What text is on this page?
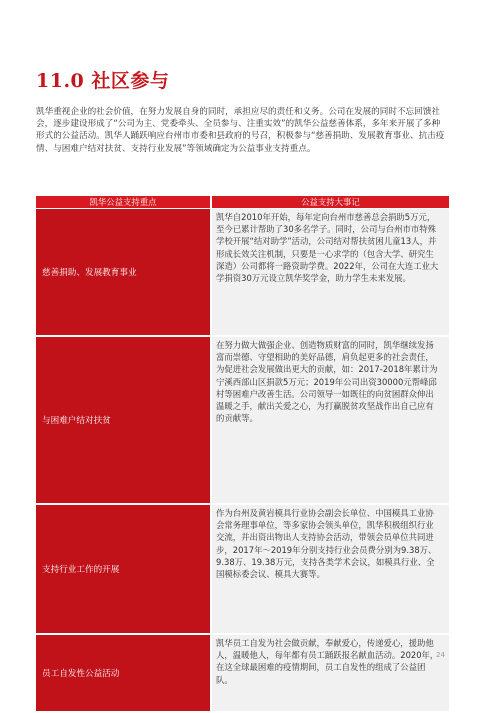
11.0 社区参与

凯华重视企业的社会价值，在努力发展自身的同时，承担应尽的责任和义务。公司在发展的同时不忘回馈社会，逐步建设形成了“公司为主、党委牵头、全员参与、注重实效”的凯华公益慈善体系，多年来开展了多种形式的公益活动。凯华人踊跃响应台州市市委和县政府的号召，积极参与“慈善捐助、发展教育事业、抗击疫情、与困难户结对扶贫、支持行业发展”等领域确定为公益事业支持重点。

凯华公益支持重点	公益支持大事记
慈善捐助、发展教育事业	凯华自2010年开始，每年定向台州市慈善总会捐助5万元，至今已累计帮助了30多名学子。同时，公司与台州市市特殊学校开展“结对助学”活动，公司结对帮扶贫困儿童13人，并形成长效关注机制，只要是一心求学的（包含大学、研究生深造）公司都将一路资助学费。2022年，公司在大连工业大学捐资30万元设立凯华奖学金，助力学生未来发展。
与困难户结对扶贫	在努力做大做强企业、创造物质财富的同时，凯华继续发扬富而崇德、守望相助的美好品德，肩负起更多的社会责任，为促进社会发展做出更大的贡献，如：2017-2018年累计为宁溪西部山区捐款5万元；2019年公司出资30000元帮峰邱村等困难户改善生活。公司领导一如既往的向贫困群众伸出温暖之手，献出关爱之心，为打赢脱贫攻坚战作出自己应有的贡献等。
支持行业工作的开展	作为台州及黄岩模具行业协会副会长单位、中国模具工业协会常务理事单位，等多家协会领头单位，凯华积极组织行业交流，并出资出物出人支持协会活动，带领会员单位共同进步，2017年～2019年分别支持行业会员费分别为9.38万、9.38万、19.38万元，支持各类学术会议，如模具行业、全国模标委会议、模具大赛等。
员工自发性公益活动	凯华员工自发为社会做贡献，奉献爱心，传递爱心，援助他人，温暖他人，每年都有员工踊跃报名献血活动。2020年，在这全球最困难的疫情期间，员工自发性的组成了公益团队。
24
